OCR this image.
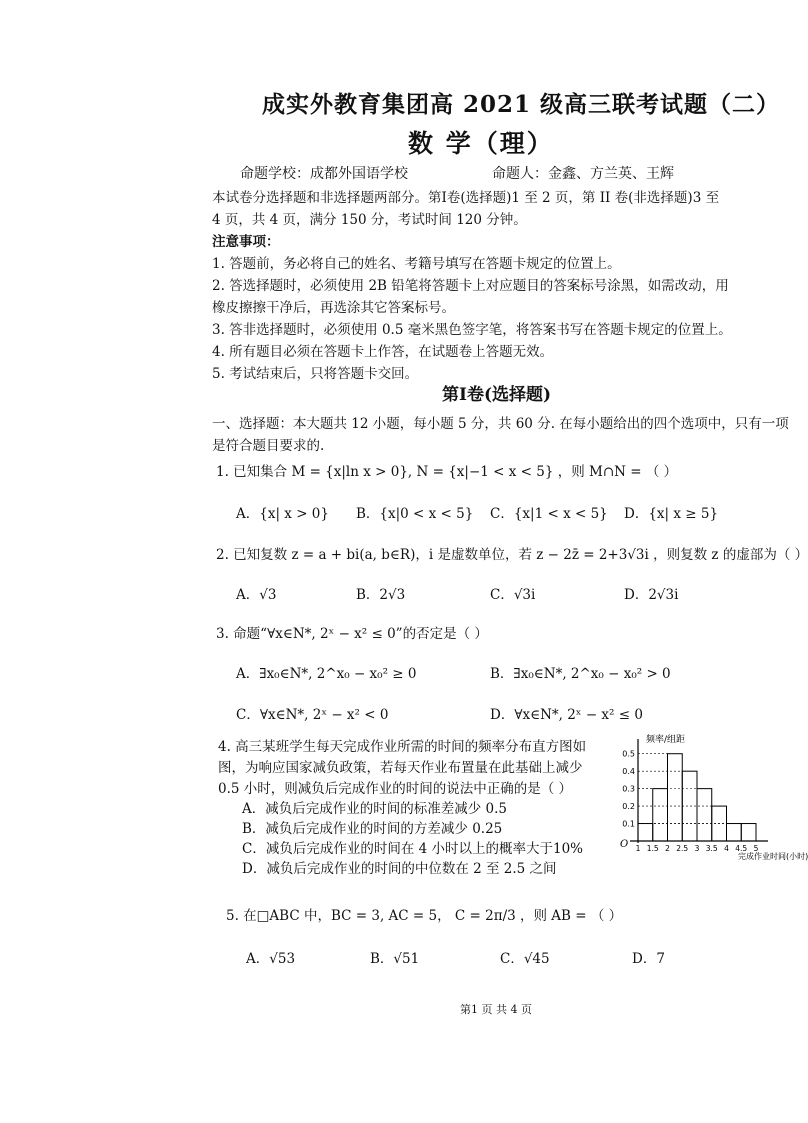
成实外教育集团高 2021 级高三联考试题（二）
数 学（理）
命题学校：成都外国语学校	命题人：金鑫、方兰英、王辉
本试卷分选择题和非选择题两部分。第Ⅰ卷(选择题)1 至 2 页，第 II 卷(非选择题)3 至
4 页，共 4 页，满分 150 分，考试时间 120 分钟。
注意事项：
1. 答题前，务必将自己的姓名、考籍号填写在答题卡规定的位置上。
2. 答选择题时，必须使用 2B 铅笔将答题卡上对应题目的答案标号涂黑，如需改动，用
橡皮擦擦干净后，再选涂其它答案标号。
3. 答非选择题时，必须使用 0.5 毫米黑色签字笔，将答案书写在答题卡规定的位置上。
4. 所有题目必须在答题卡上作答，在试题卷上答题无效。
5. 考试结束后，只将答题卡交回。
第Ⅰ卷(选择题)
一、选择题：本大题共 12 小题，每小题 5 分，共 60 分. 在每小题给出的四个选项中，只有一项
是符合题目要求的.
1. 已知集合 M = {x|ln x > 0}, N = {x|−1 < x < 5} ，则 M∩N = （ ）
A．{x| x > 0} B．{x|0 < x < 5} C．{x|1 < x < 5} D．{x| x ≥ 5}
2. 已知复数 z = a + bi(a, b∈R)，i 是虚数单位，若 z − 2z̄ = 2+3√3i ，则复数 z 的虚部为（ ）
A．√3	B．2√3	C．√3i	D．2√3i
3. 命题“∀x∈N*, 2ˣ − x² ≤ 0”的否定是（ ）
A．∃x₀∈N*, 2^x₀ − x₀² ≥ 0	B．∃x₀∈N*, 2^x₀ − x₀² > 0
C．∀x∈N*, 2ˣ − x² < 0	D．∀x∈N*, 2ˣ − x² ≤ 0
4. 高三某班学生每天完成作业所需的时间的频率分布直方图如
图，为响应国家减负政策，若每天作业布置量在此基础上减少
0.5 小时，则减负后完成作业的时间的说法中正确的是（ ）
A．减负后完成作业的时间的标准差减少 0.5
B．减负后完成作业的时间的方差减少 0.25
C．减负后完成作业的时间在 4 小时以上的概率大于10%
D．减负后完成作业的时间的中位数在 2 至 2.5 之间
频率/组距
O
完成作业时间(小时)
0.5
0.4
0.3
0.2
0.1
1 1.5 2 2.5 3 3.5 4 4.5 5
5. 在□ABC 中，BC = 3, AC = 5， C = 2π/3 ，则 AB = （ ）
A．√53	B．√51	C．√45	D．7
第1 页 共 4 页
